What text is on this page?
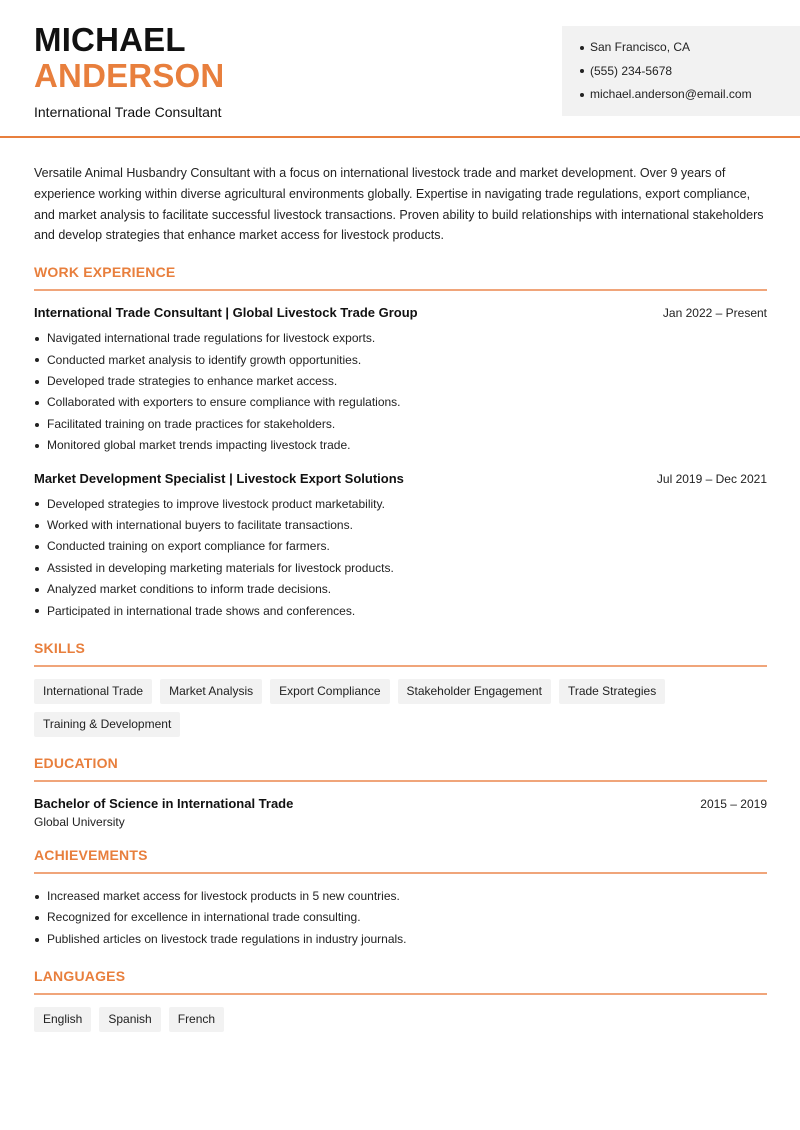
MICHAEL
ANDERSON
International Trade Consultant
San Francisco, CA
(555) 234-5678
michael.anderson@email.com

Versatile Animal Husbandry Consultant with a focus on international livestock trade and market development. Over 9 years of experience working within diverse agricultural environments globally. Expertise in navigating trade regulations, export compliance, and market analysis to facilitate successful livestock transactions. Proven ability to build relationships with international stakeholders and develop strategies that enhance market access for livestock products.

WORK EXPERIENCE
International Trade Consultant | Global Livestock Trade Group	Jan 2022 – Present
Navigated international trade regulations for livestock exports.
Conducted market analysis to identify growth opportunities.
Developed trade strategies to enhance market access.
Collaborated with exporters to ensure compliance with regulations.
Facilitated training on trade practices for stakeholders.
Monitored global market trends impacting livestock trade.
Market Development Specialist | Livestock Export Solutions	Jul 2019 – Dec 2021
Developed strategies to improve livestock product marketability.
Worked with international buyers to facilitate transactions.
Conducted training on export compliance for farmers.
Assisted in developing marketing materials for livestock products.
Analyzed market conditions to inform trade decisions.
Participated in international trade shows and conferences.
SKILLS
International Trade	Market Analysis	Export Compliance	Stakeholder Engagement	Trade Strategies
Training & Development
EDUCATION
Bachelor of Science in International Trade	2015 – 2019
Global University
ACHIEVEMENTS
Increased market access for livestock products in 5 new countries.
Recognized for excellence in international trade consulting.
Published articles on livestock trade regulations in industry journals.
LANGUAGES
English	Spanish	French
